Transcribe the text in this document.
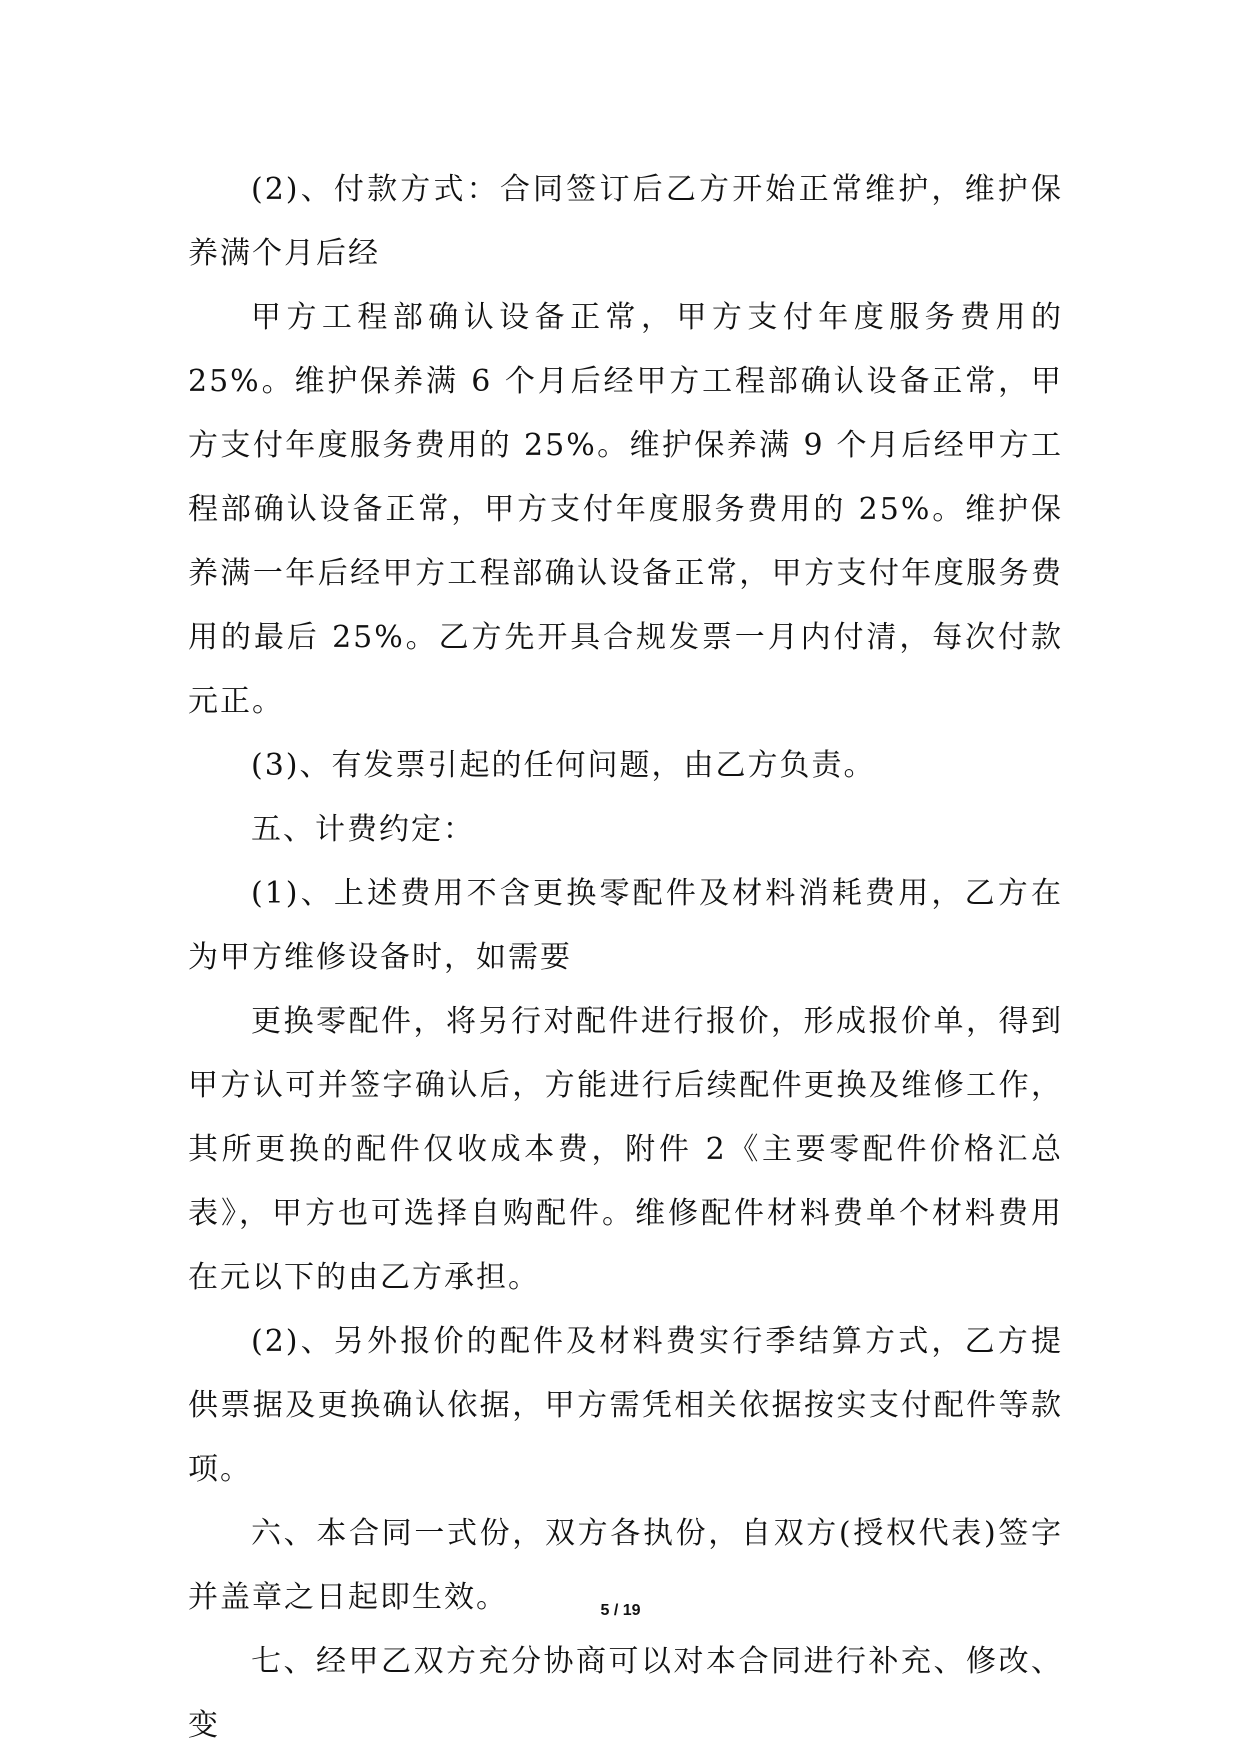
(2)、付款方式：合同签订后乙方开始正常维护，维护保养满个月后经

甲方工程部确认设备正常，甲方支付年度服务费用的 25%。维护保养满 6 个月后经甲方工程部确认设备正常，甲方支付年度服务费用的 25%。维护保养满 9 个月后经甲方工程部确认设备正常，甲方支付年度服务费用的 25%。维护保养满一年后经甲方工程部确认设备正常，甲方支付年度服务费用的最后 25%。乙方先开具合规发票一月内付清，每次付款元正。

(3)、有发票引起的任何问题，由乙方负责。

五、计费约定：

(1)、上述费用不含更换零配件及材料消耗费用，乙方在为甲方维修设备时，如需要

更换零配件，将另行对配件进行报价，形成报价单，得到甲方认可并签字确认后，方能进行后续配件更换及维修工作，其所更换的配件仅收成本费，附件 2《主要零配件价格汇总表》，甲方也可选择自购配件。维修配件材料费单个材料费用在元以下的由乙方承担。

(2)、另外报价的配件及材料费实行季结算方式，乙方提供票据及更换确认依据，甲方需凭相关依据按实支付配件等款项。

六、本合同一式份，双方各执份，自双方(授权代表)签字并盖章之日起即生效。

七、经甲乙双方充分协商可以对本合同进行补充、修改、变

5 / 19
